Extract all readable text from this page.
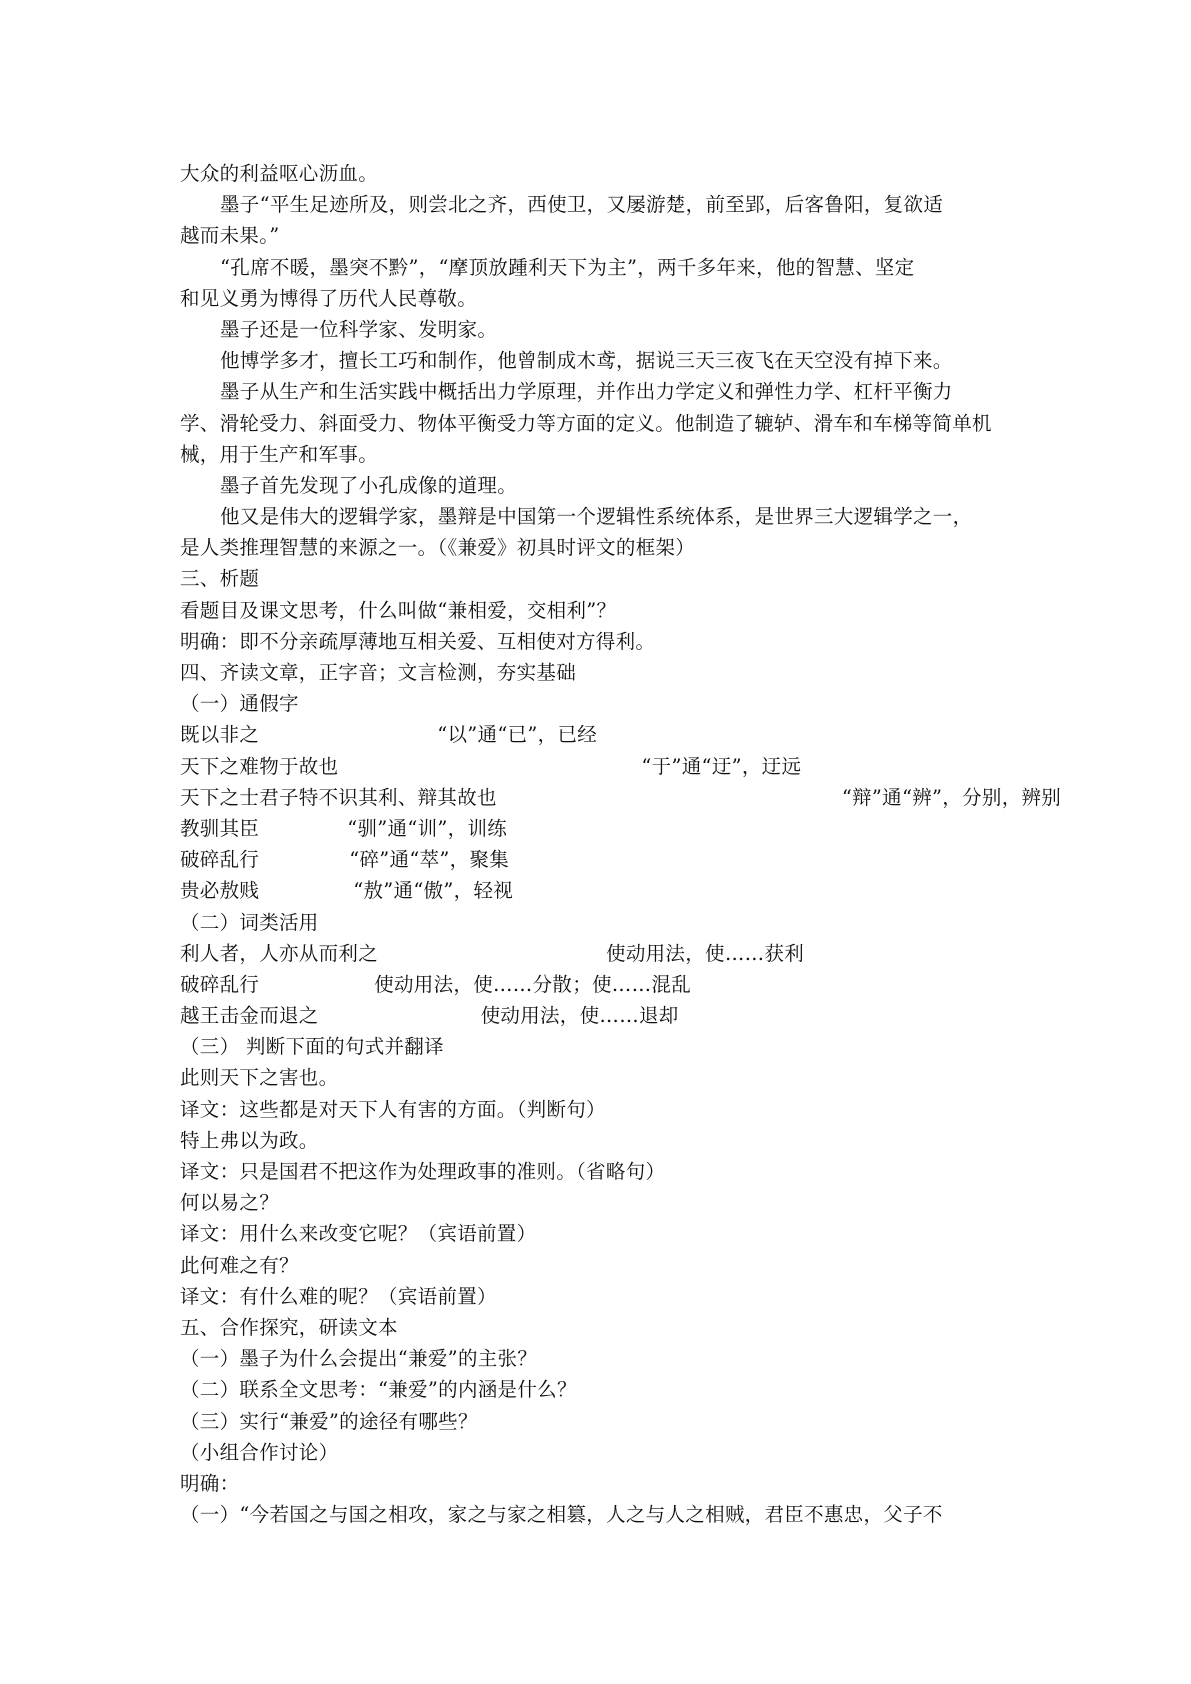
大众的利益呕心沥血。
墨子“平生足迹所及，则尝北之齐，西使卫，又屡游楚，前至郢，后客鲁阳，复欲适
越而未果。”
“孔席不暖，墨突不黔”，“摩顶放踵利天下为主”，两千多年来，他的智慧、坚定
和见义勇为博得了历代人民尊敬。
墨子还是一位科学家、发明家。
他博学多才，擅长工巧和制作，他曾制成木鸢，据说三天三夜飞在天空没有掉下来。
墨子从生产和生活实践中概括出力学原理，并作出力学定义和弹性力学、杠杆平衡力
学、滑轮受力、斜面受力、物体平衡受力等方面的定义。他制造了辘轳、滑车和车梯等简单机
械，用于生产和军事。
墨子首先发现了小孔成像的道理。
他又是伟大的逻辑学家，墨辩是中国第一个逻辑性系统体系，是世界三大逻辑学之一，
是人类推理智慧的来源之一。（《兼爱》初具时评文的框架）
三、析题
看题目及课文思考，什么叫做“兼相爱，交相利”？
明确：即不分亲疏厚薄地互相关爱、互相使对方得利。
四、齐读文章，正字音；文言检测，夯实基础
（一）通假字
既以非之	“以”通“已”，已经
天下之难物于故也	“于”通“迂”，迂远
天下之士君子特不识其利、辩其故也	“辩”通“辨”，分别，辨别
教驯其臣	“驯”通“训”，训练
破碎乱行	“碎”通“萃”，聚集
贵必敖贱	“敖”通“傲”，轻视
（二）词类活用
利人者，人亦从而利之	使动用法，使……获利
破碎乱行	使动用法，使……分散；使……混乱
越王击金而退之	使动用法，使……退却
（三） 判断下面的句式并翻译
此则天下之害也。
译文：这些都是对天下人有害的方面。（判断句）
特上弗以为政。
译文：只是国君不把这作为处理政事的准则。（省略句）
何以易之？
译文：用什么来改变它呢？（宾语前置）
此何难之有？
译文：有什么难的呢？（宾语前置）
五、合作探究，研读文本
（一）墨子为什么会提出“兼爱”的主张？
（二）联系全文思考：“兼爱”的内涵是什么？
（三）实行“兼爱”的途径有哪些？
（小组合作讨论）
明确：
（一）“今若国之与国之相攻，家之与家之相篡，人之与人之相贼，君臣不惠忠，父子不
